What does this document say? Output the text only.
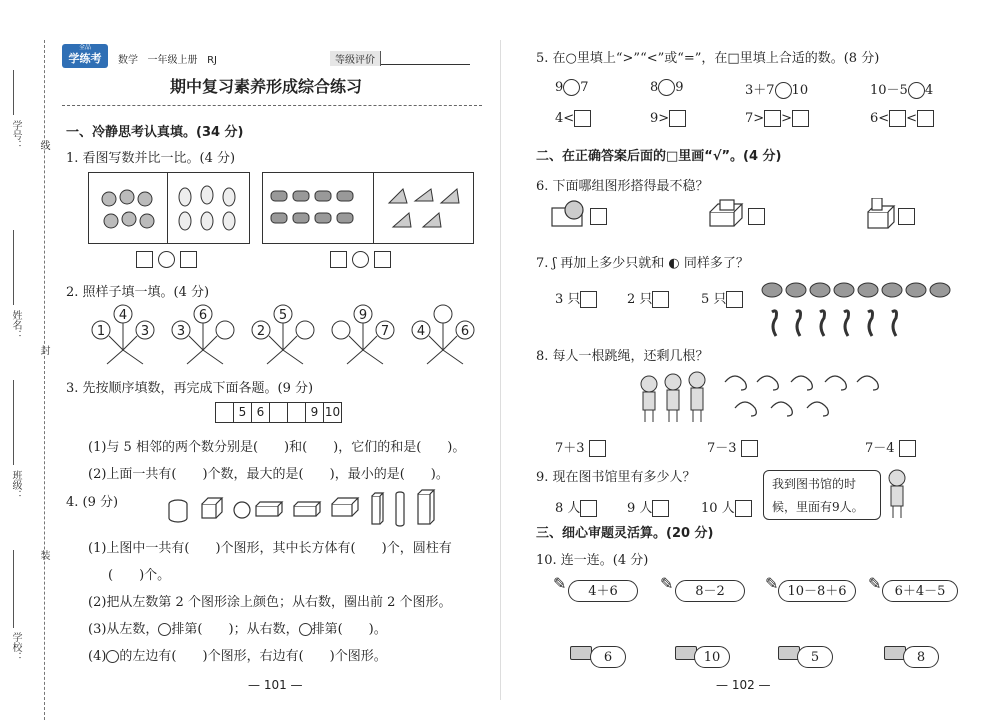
学号：
姓名：
班级：
学校：
线
封
装
全品
学练考	数学 一年级上册 RJ	等级评价
期中复习素养形成综合练习
一、冷静思考认真填。(34 分)
1. 看图写数并比一比。(4 分)

2. 照样子填一填。(4 分)
1
4
3 3
6
2
5	9
7 4	6
3. 先按顺序填数，再完成下面各题。(9 分)
5 6	9 10
(1)与 5 相邻的两个数分别是(　　)和(　　)，它们的和是(　　)。
(2)上面一共有(　　)个数，最大的是(　　)，最小的是(　　)。
4. (9 分)
(1)上图中一共有(　　)个图形，其中长方体有(　　)个，圆柱有
(　　)个。
(2)把从左数第 2 个图形涂上颜色；从右数，圈出前 2 个图形。
(3)从左数， 排第(　　)；从右数， 排第(　　)。
(4) 的左边有(　　)个图形，右边有(　　)个图形。
— 101 —
5. 在○里填上“>”“<”或“=”，在□里填上合适的数。(8 分)
9 7	8 9	3＋7 10	10－5 4
4<	9>	7> >	6< <
二、在正确答案后面的□里画“√”。(4 分)
6. 下面哪组图形搭得最不稳？
7. ʃ 再加上多少只就和 ◐ 同样多了？
3 只	2 只	5 只
8. 每人一根跳绳，还剩几根？
7＋3	7－3	7－4
9. 现在图书馆里有多少人？
8 人	9 人	10 人
我到图书馆的时
候，里面有9人。
三、细心审题灵活算。(20 分)
10. 连一连。(4 分)
✎	4＋6	✎	8－2	✎ 10－8＋6	✎	6＋4－5
6	10	5	8
— 102 —
